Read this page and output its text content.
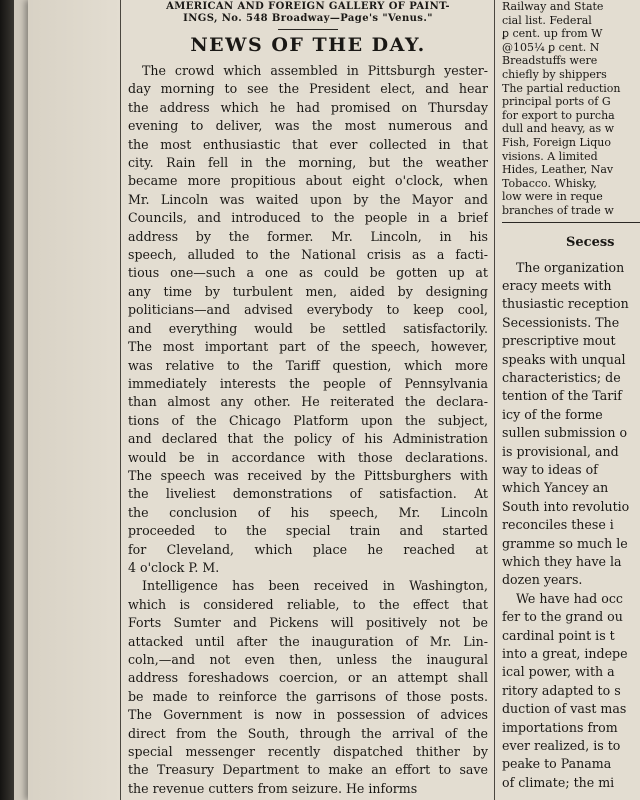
AMERICAN AND FOREIGN GALLERY OF PAINT-
INGS, No. 548 Broadway—Page's "Venus."
NEWS OF THE DAY.
The crowd which assembled in Pittsburgh yester-
day morning to see the President elect, and hear
the address which he had promised on Thursday
evening to deliver, was the most numerous and
the most enthusiastic that ever collected in that
city. Rain fell in the morning, but the weather
became more propitious about eight o'clock, when
Mr. Lincoln was waited upon by the Mayor and
Councils, and introduced to the people in a brief
address by the former. Mr. Lincoln, in his
speech, alluded to the National crisis as a facti-
tious one—such a one as could be gotten up at
any time by turbulent men, aided by designing
politicians—and advised everybody to keep cool,
and everything would be settled satisfactorily.
The most important part of the speech, however,
was relative to the Tariff question, which more
immediately interests the people of Pennsylvania
than almost any other. He reiterated the declara-
tions of the Chicago Platform upon the subject,
and declared that the policy of his Administration
would be in accordance with those declarations.
The speech was received by the Pittsburghers with
the liveliest demonstrations of satisfaction. At
the conclusion of his speech, Mr. Lincoln
proceeded to the special train and started
for Cleveland, which place he reached at
4 o'clock P. M.
Intelligence has been received in Washington,
which is considered reliable, to the effect that
Forts Sumter and Pickens will positively not be
attacked until after the inauguration of Mr. Lin-
coln,—and not even then, unless the inaugural
address foreshadows coercion, or an attempt shall
be made to reinforce the garrisons of those posts.
The Government is now in possession of advices
direct from the South, through the arrival of the
special messenger recently dispatched thither by
the Treasury Department to make an effort to save
the revenue cutters from seizure. He informs
Railway and State
cial list. Federal
ꝑ cent. up from W
@105¼ ꝑ cent. N
Breadstuffs were
chiefly by shippers
The partial reduction
principal ports of G
for export to purcha
dull and heavy, as w
Fish, Foreign Liquo
visions. A limited
Hides, Leather, Nav
Tobacco. Whisky,
low were in reque
branches of trade w
Secess
The organization
eracy meets with
thusiastic reception
Secessionists. The
prescriptive mout
speaks with unqual
characteristics; de
tention of the Tarif
icy of the forme
sullen submission o
is provisional, and
way to ideas of
which Yancey an
South into revolutio
reconciles these i
gramme so much le
which they have la
dozen years.
We have had occ
fer to the grand ou
cardinal point is t
into a great, indepe
ical power, with a
ritory adapted to s
duction of vast mas
importations from
ever realized, is to
peake to Panama
of climate; the mi
